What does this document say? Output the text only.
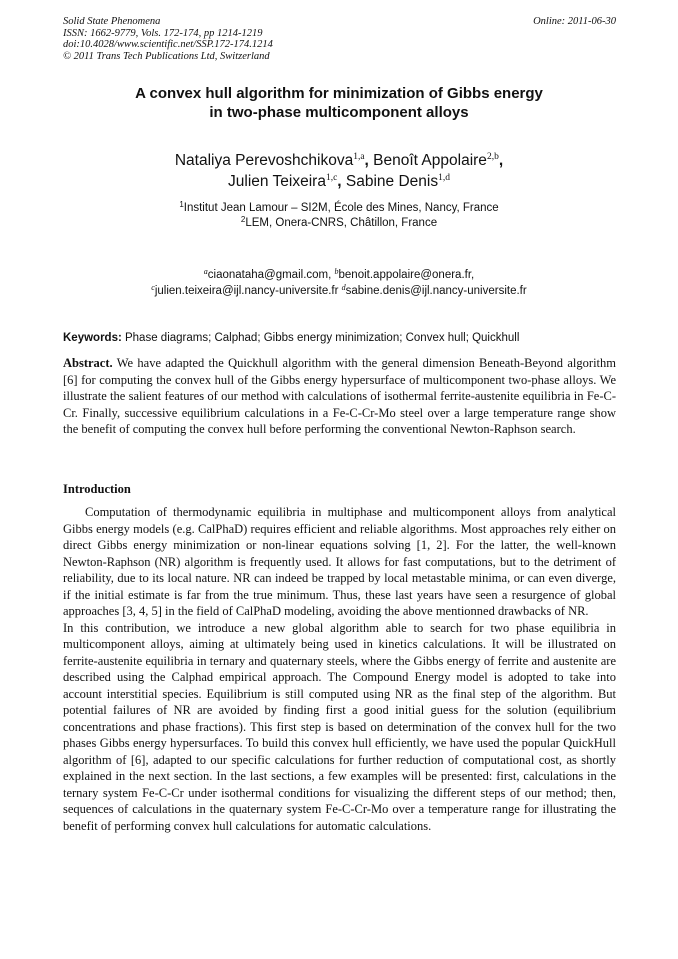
Solid State Phenomena
ISSN: 1662-9779, Vols. 172-174, pp 1214-1219
doi:10.4028/www.scientific.net/SSP.172-174.1214
© 2011 Trans Tech Publications Ltd, Switzerland
Online: 2011-06-30
A convex hull algorithm for minimization of Gibbs energy
in two-phase multicomponent alloys
Nataliya Perevoshchikova$^{1,a}$, Benoît Appolaire$^{2,b}$,
Julien Teixeira$^{1,c}$, Sabine Denis$^{1,d}$
$^1$Institut Jean Lamour – SI2M, École des Mines, Nancy, France
$^2$LEM, Onera-CNRS, Châtillon, France
$^a$ciaonataha@gmail.com, $^b$benoit.appolaire@onera.fr,
$^c$julien.teixeira@ijl.nancy-universite.fr $^d$sabine.denis@ijl.nancy-universite.fr
Keywords: Phase diagrams; Calphad; Gibbs energy minimization; Convex hull; Quickhull
Abstract. We have adapted the Quickhull algorithm with the general dimension Beneath-Beyond algorithm [6] for computing the convex hull of the Gibbs energy hypersurface of multicomponent two-phase alloys. We illustrate the salient features of our method with calculations of isothermal ferrite-austenite equilibria in Fe-C-Cr. Finally, successive equilibrium calculations in a Fe-C-Cr-Mo steel over a large temperature range show the benefit of computing the convex hull before performing the conventional Newton-Raphson search.
Introduction

Computation of thermodynamic equilibria in multiphase and multicomponent alloys from analytical Gibbs energy models (e.g. CalPhaD) requires efficient and reliable algorithms. Most approaches rely either on direct Gibbs energy minimization or non-linear equations solving [1, 2]. For the latter, the well-known Newton-Raphson (NR) algorithm is frequently used. It allows for fast computations, but to the detriment of reliability, due to its local nature. NR can indeed be trapped by local metastable minima, or can even diverge, if the initial estimate is far from the true minimum. Thus, these last years have seen a resurgence of global approaches [3, 4, 5] in the field of CalPhaD modeling, avoiding the above mentionned drawbacks of NR.

In this contribution, we introduce a new global algorithm able to search for two phase equilibria in multicomponent alloys, aiming at ultimately being used in kinetics calculations. It will be illustrated on ferrite-austenite equilibria in ternary and quaternary steels, where the Gibbs energy of ferrite and austenite are described using the Calphad empirical approach. The Compound Energy model is adopted to take into account interstitial species. Equilibrium is still computed using NR as the final step of the algorithm. But potential failures of NR are avoided by finding first a good initial guess for the solution (equilibrium concentrations and phase fractions). This first step is based on determination of the convex hull for the two phases Gibbs energy hypersurfaces. To build this convex hull efficiently, we have used the popular QuickHull algorithm of [6], adapted to our specific calculations for further reduction of computational cost, as shortly explained in the next section. In the last sections, a few examples will be presented: first, calculations in the ternary system Fe-C-Cr under isothermal conditions for visualizing the different steps of our method; then, sequences of calculations in the quaternary system Fe-C-Cr-Mo over a temperature range for illustrating the benefit of performing convex hull calculations for automatic calculations.
